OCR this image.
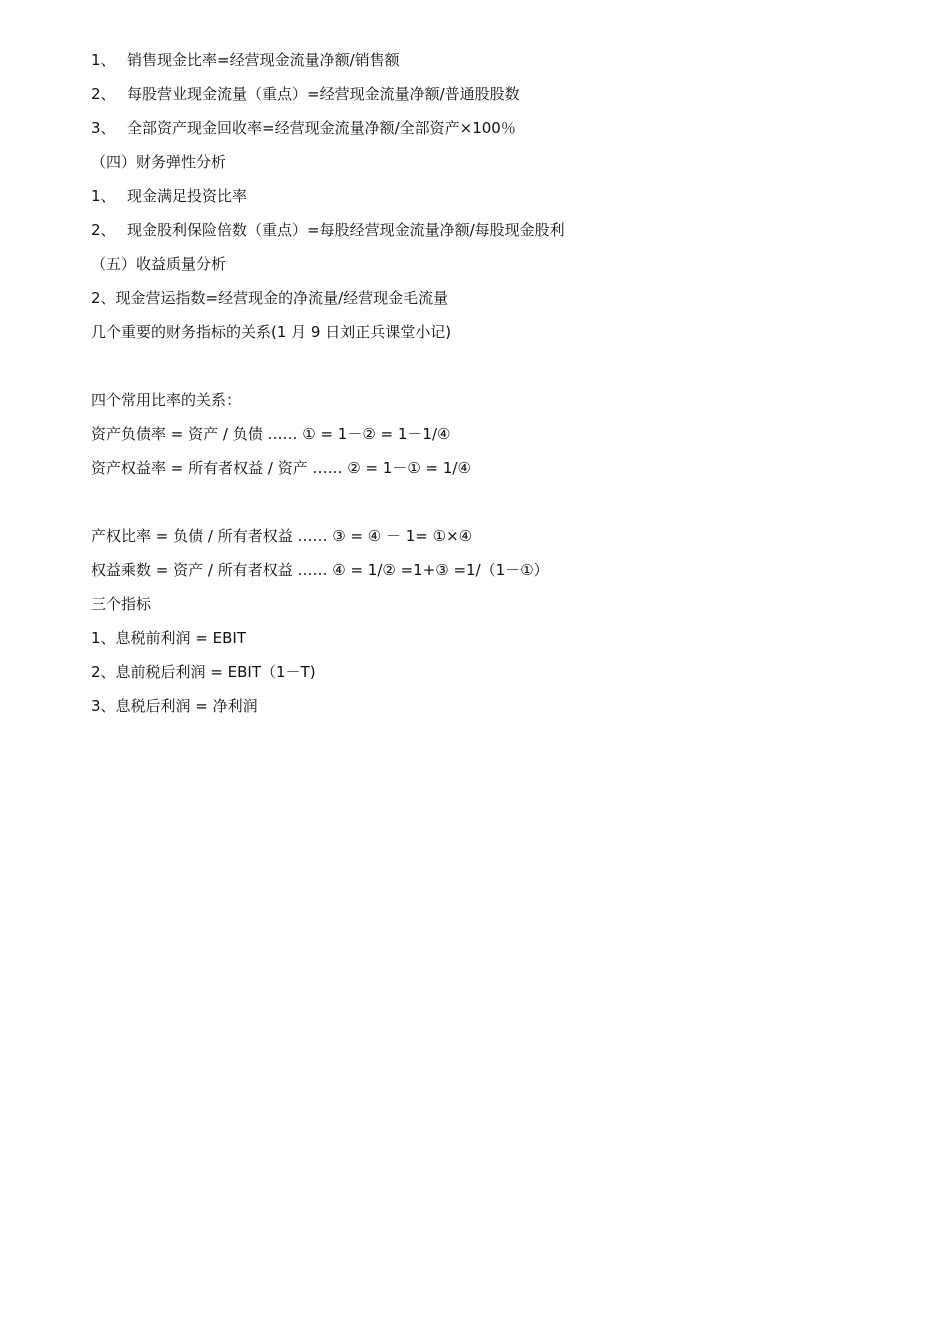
1、 销售现金比率=经营现金流量净额/销售额
2、 每股营业现金流量（重点）=经营现金流量净额/普通股股数
3、 全部资产现金回收率=经营现金流量净额/全部资产×100％
（四）财务弹性分析
1、 现金满足投资比率
2、 现金股利保险倍数（重点）=每股经营现金流量净额/每股现金股利
（五）收益质量分析
2、现金营运指数=经营现金的净流量/经营现金毛流量
几个重要的财务指标的关系(1 月 9 日刘正兵课堂小记)
四个常用比率的关系：
资产负债率 = 资产 / 负债 …… ① = 1－② = 1－1/④
资产权益率 = 所有者权益 / 资产 …… ② = 1－① = 1/④
产权比率 = 负债 / 所有者权益 …… ③ = ④ － 1= ①×④
权益乘数 = 资产 / 所有者权益 …… ④ = 1/② =1+③ =1/（1－①）
三个指标
1、息税前利润 = EBIT
2、息前税后利润 = EBIT（1－T)
3、息税后利润 = 净利润
